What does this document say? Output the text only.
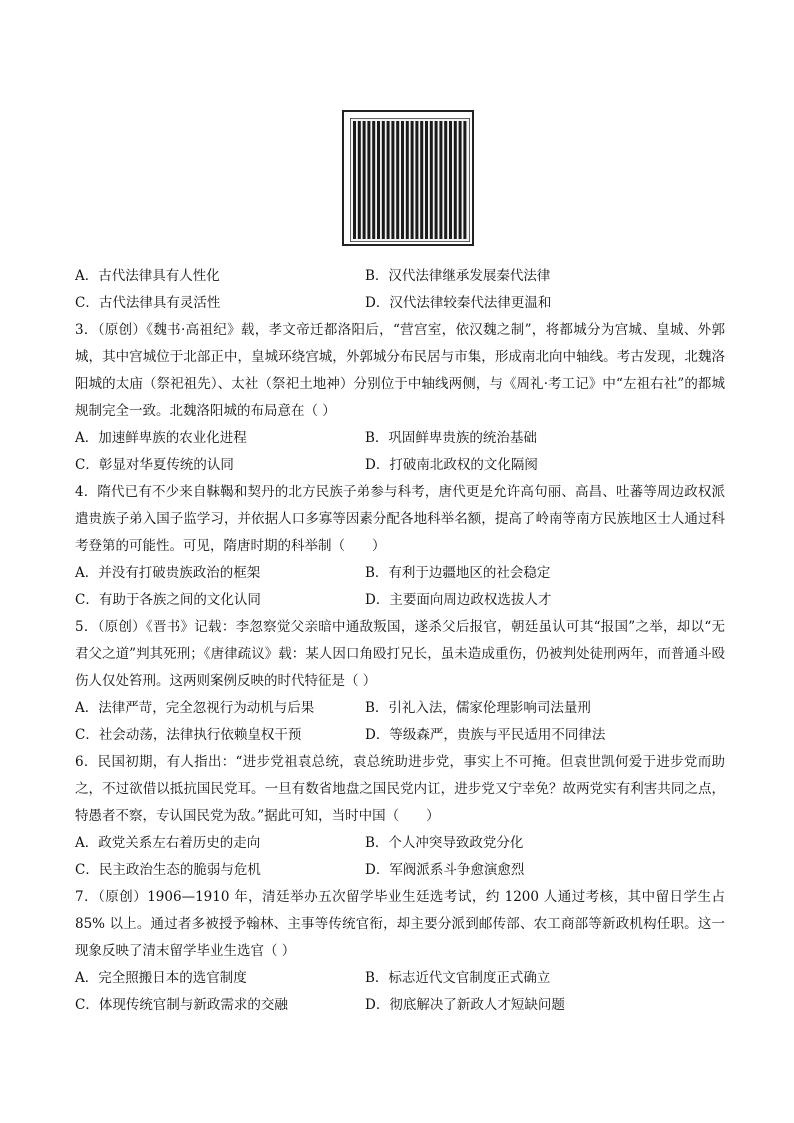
A．古代法律具有人性化	B．汉代法律继承发展秦代法律
C．古代法律具有灵活性	D．汉代法律较秦代法律更温和

3．（原创）《魏书·高祖纪》载，孝文帝迁都洛阳后，“营宫室，依汉魏之制”，将都城分为宫城、皇城、外郭城，其中宫城位于北部正中，皇城环绕宫城，外郭城分布民居与市集，形成南北向中轴线。考古发现，北魏洛阳城的太庙（祭祀祖先）、太社（祭祀土地神）分别位于中轴线两侧，与《周礼·考工记》中“左祖右社”的都城规制完全一致。北魏洛阳城的布局意在（ ）

A．加速鲜卑族的农业化进程	B．巩固鲜卑贵族的统治基础
C．彰显对华夏传统的认同	D．打破南北政权的文化隔阂

4．隋代已有不少来自靺鞨和契丹的北方民族子弟参与科考，唐代更是允许高句丽、高昌、吐蕃等周边政权派遣贵族子弟入国子监学习，并依据人口多寡等因素分配各地科举名额，提高了岭南等南方民族地区士人通过科考登第的可能性。可见，隋唐时期的科举制（　　）

A．并没有打破贵族政治的框架	B．有利于边疆地区的社会稳定
C．有助于各族之间的文化认同	D．主要面向周边政权选拔人才

5．（原创）《晋书》记载：李忽察觉父亲暗中通敌叛国，遂杀父后报官，朝廷虽认可其“报国”之举，却以“无君父之道”判其死刑；《唐律疏议》载：某人因口角殴打兄长，虽未造成重伤，仍被判处徒刑两年，而普通斗殴伤人仅处笞刑。这两则案例反映的时代特征是（ ）

A．法律严苛，完全忽视行为动机与后果	B．引礼入法，儒家伦理影响司法量刑
C．社会动荡，法律执行依赖皇权干预	D．等级森严，贵族与平民适用不同律法

6．民国初期，有人指出：“进步党祖袁总统，袁总统助进步党，事实上不可掩。但袁世凯何爱于进步党而助之，不过欲借以抵抗国民党耳。一旦有数省地盘之国民党内讧，进步党又宁幸免？故两党实有利害共同之点，特愚者不察，专认国民党为敌。”据此可知，当时中国（　　）

A．政党关系左右着历史的走向	B．个人冲突导致政党分化
C．民主政治生态的脆弱与危机	D．军阀派系斗争愈演愈烈

7．（原创）1906—1910 年，清廷举办五次留学毕业生廷选考试，约 1200 人通过考核，其中留日学生占 85% 以上。通过者多被授予翰林、主事等传统官衔，却主要分派到邮传部、农工商部等新政机构任职。这一现象反映了清末留学毕业生选官（ ）

A．完全照搬日本的选官制度	B．标志近代文官制度正式确立
C．体现传统官制与新政需求的交融	D．彻底解决了新政人才短缺问题
